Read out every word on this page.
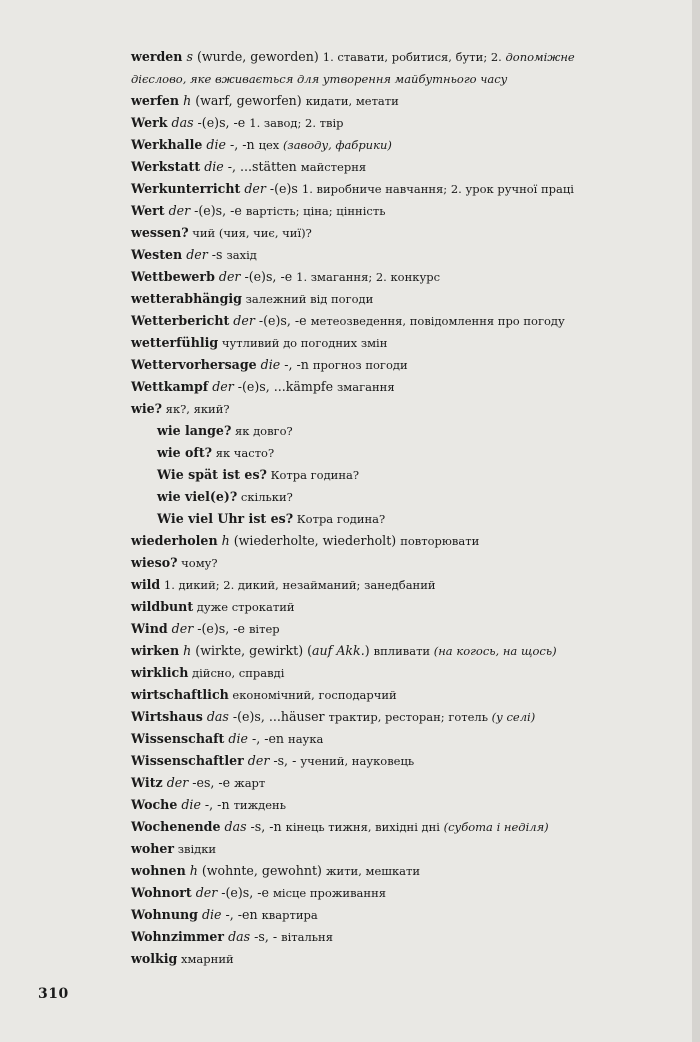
werden s (wurde, geworden) 1. ставати, робитися, бути; 2. допоміжне дієслово, яке вживається для утворення майбутнього часу
werfen h (warf, geworfen) кидати, метати
Werk das -(e)s, -e 1. завод; 2. твір
Werkhalle die -, -n цех (заводу, фабрики)
Werkstatt die -, ...stätten майстерня
Werkunterricht der -(e)s 1. виробниче навчання; 2. урок ручної праці
Wert der -(e)s, -e вартість; ціна; цінність
wessen? чий (чия, чиє, чиї)?
Westen der -s захід
Wettbewerb der -(e)s, -e 1. змагання; 2. конкурс
wetterabhängig залежний від погоди
Wetterbericht der -(e)s, -e метеозведення, повідомлення про погоду
wetterfühlig чутливий до погодних змін
Wettervorhersage die -, -n прогноз погоди
Wettkampf der -(e)s, ...kämpfe змагання
wie? як?, який?
wie lange? як довго?
wie oft? як часто?
Wie spät ist es? Котра година?
wie viel(e)? скільки?
Wie viel Uhr ist es? Котра година?
wiederholen h (wiederholte, wiederholt) повторювати
wieso? чому?
wild 1. дикий; 2. дикий, незайманий; занедбаний
wildbunt дуже строкатий
Wind der -(e)s, -e вітер
wirken h (wirkte, gewirkt) (auf Akk.) впливати (на когось, на щось)
wirklich дійсно, справді
wirtschaftlich економічний, господарчий
Wirtshaus das -(e)s, ...häuser трактир, ресторан; готель (у селі)
Wissenschaft die -, -en наука
Wissenschaftler der -s, - учений, науковець
Witz der -es, -e жарт
Woche die -, -n тиждень
Wochenende das -s, -n кінець тижня, вихідні дні (субота і неділя)
woher звідки
wohnen h (wohnte, gewohnt) жити, мешкати
Wohnort der -(e)s, -e місце проживання
Wohnung die -, -en квартира
Wohnzimmer das -s, - вітальня
wolkig хмарний
310
